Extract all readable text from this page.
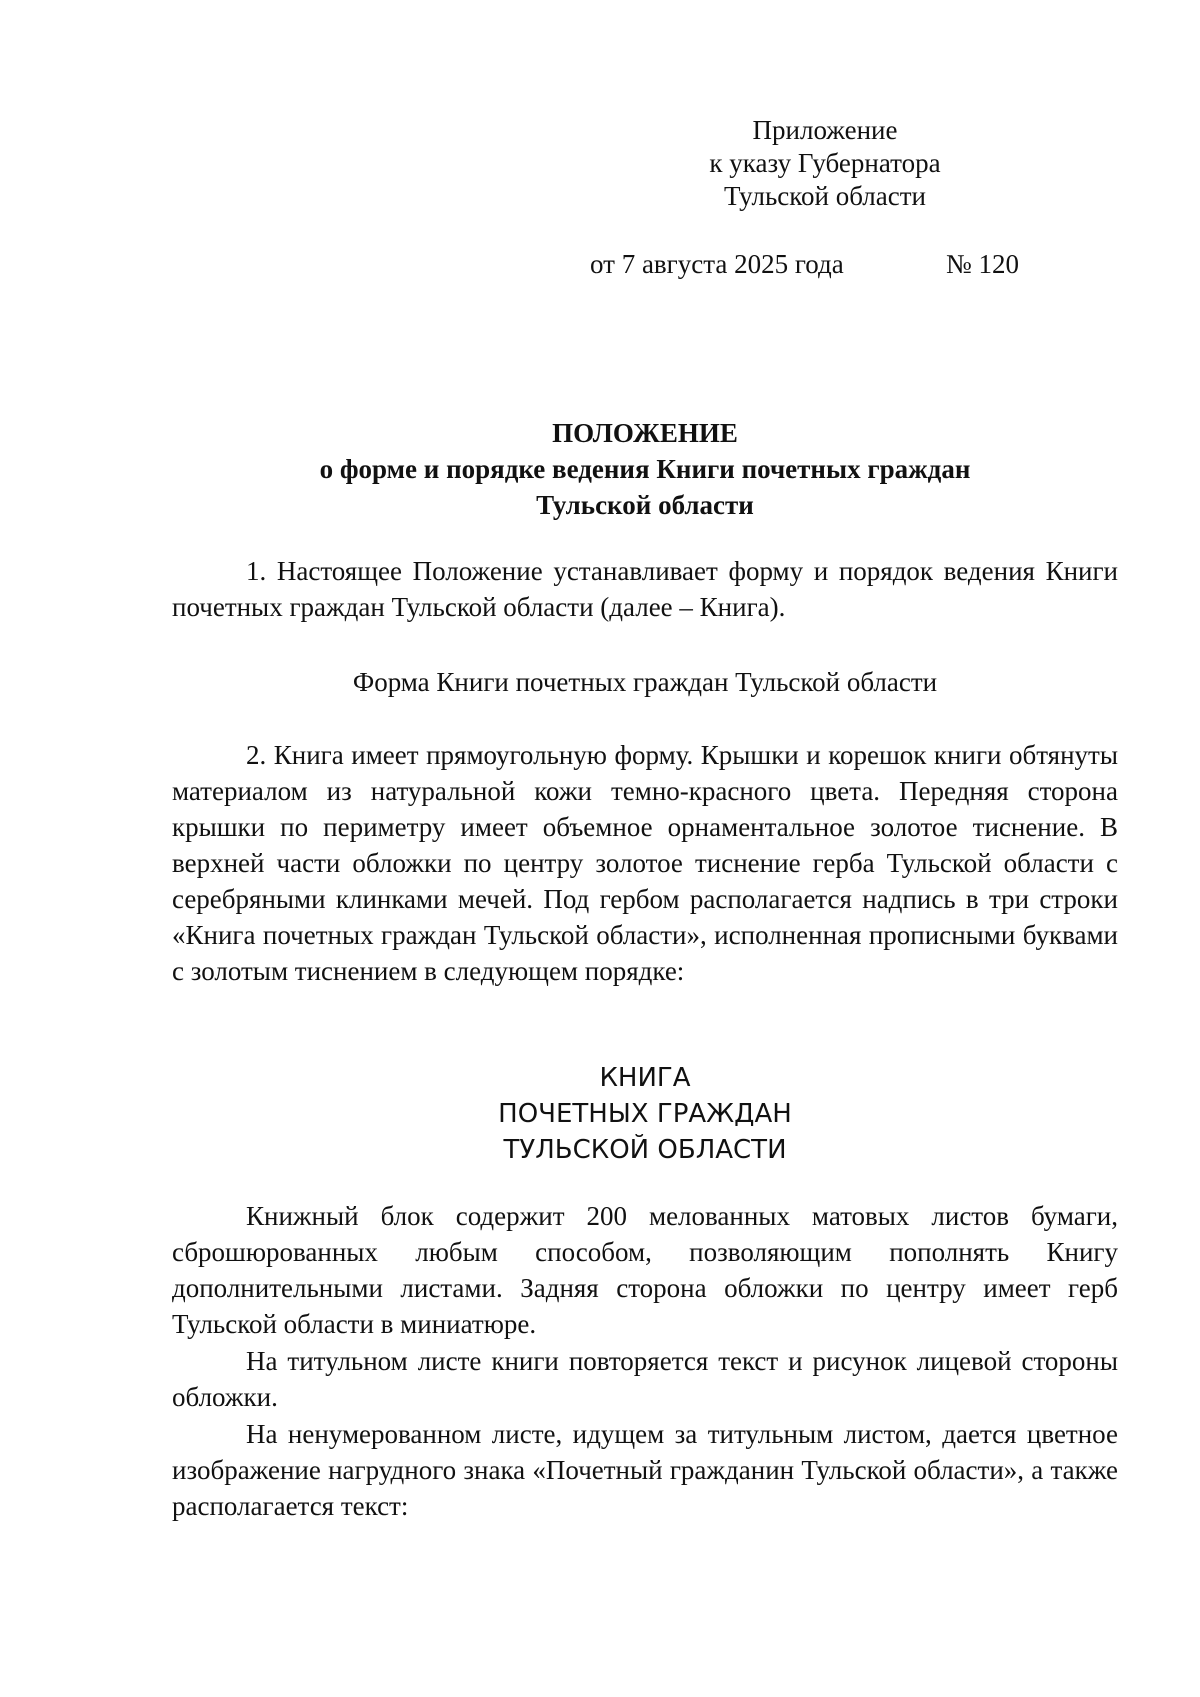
Приложение
к указу Губернатора
Тульской области
от 7 августа 2025 года	№ 120
ПОЛОЖЕНИЕ
о форме и порядке ведения Книги почетных граждан
Тульской области
1. Настоящее Положение устанавливает форму и порядок ведения Книги почетных граждан Тульской области (далее – Книга).
Форма Книги почетных граждан Тульской области
2. Книга имеет прямоугольную форму. Крышки и корешок книги обтянуты материалом из натуральной кожи темно-красного цвета. Передняя сторона крышки по периметру имеет объемное орнаментальное золотое тиснение. В верхней части обложки по центру золотое тиснение герба Тульской области с серебряными клинками мечей. Под гербом располагается надпись в три строки «Книга почетных граждан Тульской области», исполненная прописными буквами с золотым тиснением в следующем порядке:
КНИГА
ПОЧЕТНЫХ ГРАЖДАН
ТУЛЬСКОЙ ОБЛАСТИ
Книжный блок содержит 200 мелованных матовых листов бумаги, сброшюрованных любым способом, позволяющим пополнять Книгу дополнительными листами. Задняя сторона обложки по центру имеет герб Тульской области в миниатюре.
На титульном листе книги повторяется текст и рисунок лицевой стороны обложки.
На ненумерованном листе, идущем за титульным листом, дается цветное изображение нагрудного знака «Почетный гражданин Тульской области», а также располагается текст:
